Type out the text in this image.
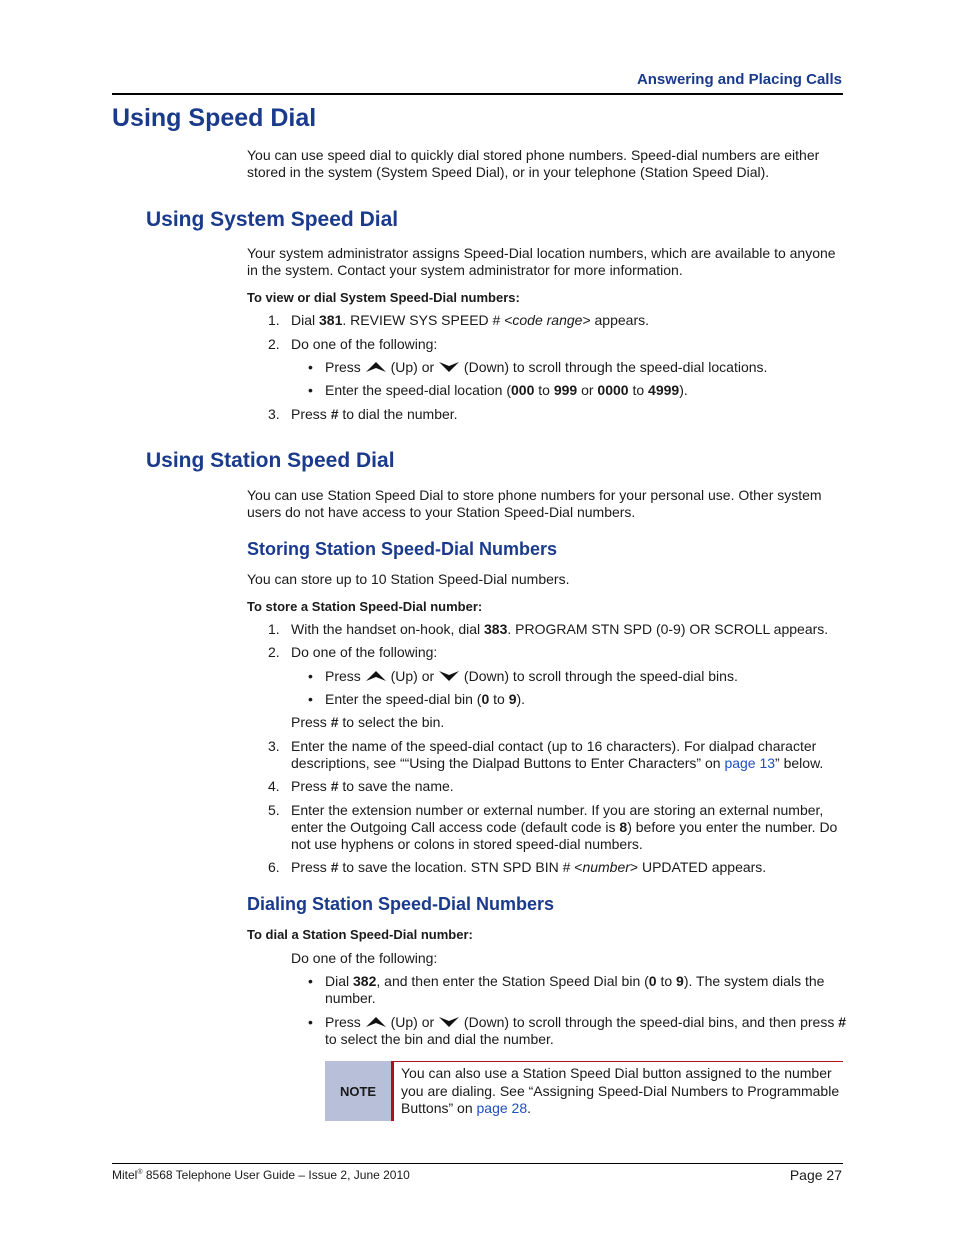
Answering and Placing Calls
Using Speed Dial
You can use speed dial to quickly dial stored phone numbers. Speed-dial numbers are either stored in the system (System Speed Dial), or in your telephone (Station Speed Dial).
Using System Speed Dial
Your system administrator assigns Speed-Dial location numbers, which are available to anyone in the system. Contact your system administrator for more information.
To view or dial System Speed-Dial numbers:
1. Dial 381. REVIEW SYS SPEED # <code range> appears.
2. Do one of the following:
• Press  (Up) or  (Down) to scroll through the speed-dial locations.
• Enter the speed-dial location (000 to 999 or 0000 to 4999).
3. Press # to dial the number.
Using Station Speed Dial
You can use Station Speed Dial to store phone numbers for your personal use. Other system users do not have access to your Station Speed-Dial numbers.
Storing Station Speed-Dial Numbers
You can store up to 10 Station Speed-Dial numbers.
To store a Station Speed-Dial number:
1. With the handset on-hook, dial 383. PROGRAM STN SPD (0-9) OR SCROLL appears.
2. Do one of the following:
• Press  (Up) or  (Down) to scroll through the speed-dial bins.
• Enter the speed-dial bin (0 to 9).
Press # to select the bin.
3. Enter the name of the speed-dial contact (up to 16 characters). For dialpad character descriptions, see ““Using the Dialpad Buttons to Enter Characters” on page 13” below.
4. Press # to save the name.
5. Enter the extension number or external number. If you are storing an external number, enter the Outgoing Call access code (default code is 8) before you enter the number. Do not use hyphens or colons in stored speed-dial numbers.
6. Press # to save the location. STN SPD BIN # <number> UPDATED appears.
Dialing Station Speed-Dial Numbers
To dial a Station Speed-Dial number:
Do one of the following:
• Dial 382, and then enter the Station Speed Dial bin (0 to 9). The system dials the number.
• Press  (Up) or  (Down) to scroll through the speed-dial bins, and then press # to select the bin and dial the number.
NOTE
You can also use a Station Speed Dial button assigned to the number you are dialing. See “Assigning Speed-Dial Numbers to Programmable Buttons” on page 28.
Mitel® 8568 Telephone User Guide – Issue 2, June 2010	Page 27
